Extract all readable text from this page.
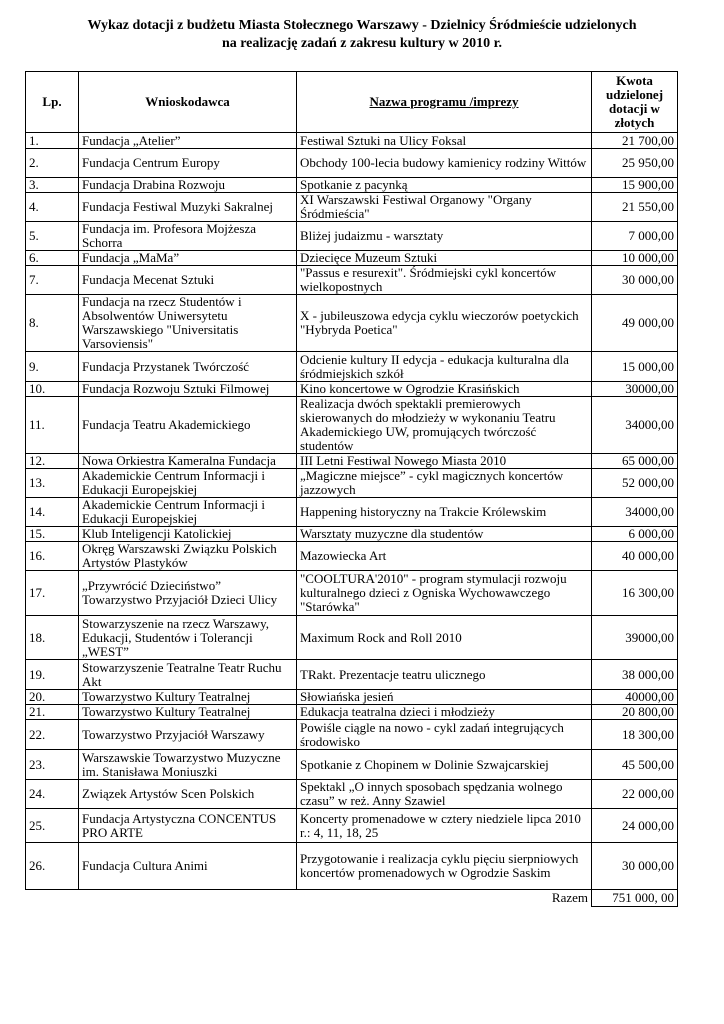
Wykaz dotacji z budżetu Miasta Stołecznego Warszawy - Dzielnicy Śródmieście udzielonych
na realizację zadań z zakresu kultury w 2010 r.
Lp.	Wnioskodawca	Nazwa programu /imprezy	Kwota udzielonej dotacji w złotych
1.	Fundacja „Atelier”	Festiwal Sztuki na Ulicy Foksal	21 700,00
2.	Fundacja Centrum Europy	Obchody 100-lecia budowy kamienicy rodziny Wittów	25 950,00
3.	Fundacja Drabina Rozwoju	Spotkanie z pacynką	15 900,00
4.	Fundacja Festiwal Muzyki Sakralnej	XI Warszawski Festiwal Organowy "Organy Śródmieścia"	21 550,00
5.	Fundacja im. Profesora Mojżesza Schorra	Bliżej judaizmu - warsztaty	7 000,00
6.	Fundacja „MaMa”	Dziecięce Muzeum Sztuki	10 000,00
7.	Fundacja Mecenat Sztuki	"Passus e resurexit". Śródmiejski cykl koncertów wielkopostnych	30 000,00
8.	Fundacja na rzecz Studentów i Absolwentów Uniwersytetu Warszawskiego "Universitatis Varsoviensis"	X - jubileuszowa edycja cyklu wieczorów poetyckich "Hybryda Poetica"	49 000,00
9.	Fundacja Przystanek Twórczość	Odcienie kultury II edycja - edukacja kulturalna dla śródmiejskich szkół	15 000,00
10.	Fundacja Rozwoju Sztuki Filmowej	Kino koncertowe w Ogrodzie Krasińskich	30000,00
11.	Fundacja Teatru Akademickiego	Realizacja dwóch spektakli premierowych skierowanych do młodzieży w wykonaniu Teatru Akademickiego UW, promujących twórczość studentów	34000,00
12.	Nowa Orkiestra Kameralna Fundacja	III Letni Festiwal Nowego Miasta 2010	65 000,00
13.	Akademickie Centrum Informacji i Edukacji Europejskiej	„Magiczne miejsce” - cykl magicznych koncertów jazzowych	52 000,00
14.	Akademickie Centrum Informacji i Edukacji Europejskiej	Happening historyczny na Trakcie Królewskim	34000,00
15.	Klub Inteligencji Katolickiej	Warsztaty muzyczne dla studentów	6 000,00
16.	Okręg Warszawski Związku Polskich Artystów Plastyków	Mazowiecka Art	40 000,00
17.	„Przywrócić Dzieciństwo” Towarzystwo Przyjaciół Dzieci Ulicy	"COOLTURA'2010" - program stymulacji rozwoju kulturalnego dzieci z Ogniska Wychowawczego "Starówka"	16 300,00
18.	Stowarzyszenie na rzecz Warszawy, Edukacji, Studentów i Tolerancji „WEST”	Maximum Rock and Roll 2010	39000,00
19.	Stowarzyszenie Teatralne Teatr Ruchu Akt	TRakt. Prezentacje teatru ulicznego	38 000,00
20.	Towarzystwo Kultury Teatralnej	Słowiańska jesień	40000,00
21.	Towarzystwo Kultury Teatralnej	Edukacja teatralna dzieci i młodzieży	20 800,00
22.	Towarzystwo Przyjaciół Warszawy	Powiśle ciągle na nowo - cykl zadań integrujących środowisko	18 300,00
23.	Warszawskie Towarzystwo Muzyczne im. Stanisława Moniuszki	Spotkanie z Chopinem w Dolinie Szwajcarskiej	45 500,00
24.	Związek Artystów Scen Polskich	Spektakl „O innych sposobach spędzania wolnego czasu” w reż. Anny Szawiel	22 000,00
25.	Fundacja Artystyczna CONCENTUS PRO ARTE	Koncerty promenadowe w cztery niedziele lipca 2010 r.: 4, 11, 18, 25	24 000,00
26.	Fundacja Cultura Animi	Przygotowanie i realizacja cyklu pięciu sierpniowych koncertów promenadowych w Ogrodzie Saskim	30 000,00
		Razem	751 000, 00
